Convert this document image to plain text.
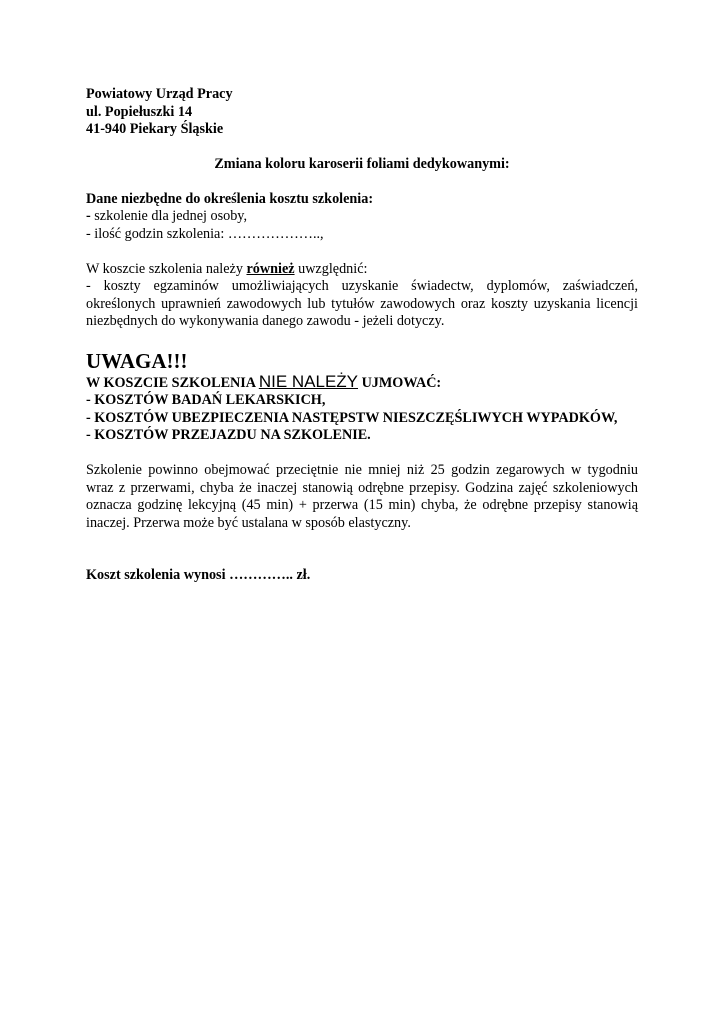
Powiatowy Urząd Pracy
ul. Popiełuszki 14
41-940 Piekary Śląskie
Zmiana koloru karoserii foliami dedykowanymi:
Dane niezbędne do określenia kosztu szkolenia:
- szkolenie dla jednej osoby,
- ilość godzin szkolenia: ………………..,
W koszcie szkolenia należy również uwzględnić:
- koszty egzaminów umożliwiających uzyskanie świadectw, dyplomów, zaświadczeń, określonych uprawnień zawodowych lub tytułów zawodowych oraz koszty uzyskania licencji niezbędnych do wykonywania danego zawodu - jeżeli dotyczy.
UWAGA!!!
W KOSZCIE SZKOLENIA NIE NALEŻY UJMOWAĆ:
- KOSZTÓW BADAŃ LEKARSKICH,
- KOSZTÓW UBEZPIECZENIA NASTĘPSTW NIESZCZĘŚLIWYCH WYPADKÓW,
- KOSZTÓW PRZEJAZDU NA SZKOLENIE.
Szkolenie powinno obejmować przeciętnie nie mniej niż 25 godzin zegarowych w tygodniu wraz z przerwami, chyba że inaczej stanowią odrębne przepisy. Godzina zajęć szkoleniowych oznacza godzinę lekcyjną (45 min) + przerwa (15 min) chyba, że odrębne przepisy stanowią inaczej. Przerwa może być ustalana w sposób elastyczny.
Koszt szkolenia wynosi ………….. zł.
